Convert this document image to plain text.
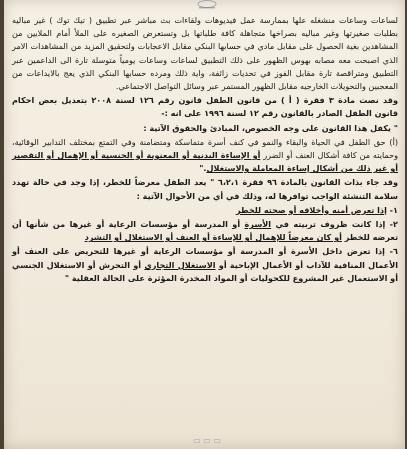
لساعات وساعات منشغله علها بممارسة عمل فيديوهات ولقاءات بث مباشر عبر تطبيق ( تيك توك ) غير مباليه بطلبات صغيرتها وغير مباليه بصراخها متجاهلة كافة طلباتها بل وتستعرض الصغيره على الملأ أمام الملايين من المشاهدين بغية الحصول على مقابل مادي في حسابها البنكي مقابل الاعجابات ولتحقيق المزيد من المشاهدات الامر الذي اصبحت معه مصابه بهوس الظهور على ذلك التطبيق لساعات وساعات يومياً متوسلة تارة الى الداعمين عبر التطبيق ومتراقصة تارة مقابل الفوز في تحديات زائفة، واية ذلك ومرده حسابها البنكي الذي يعج بالايداعات من المعجبين والتحويلات الخارجيه مقابل الظهور المستمر عبر وسائل التواصل الاجتماعي.

وقد نصت مادة ٣ فقرة ( أ ) من قانون الطفل قانون رقم ١٢٦ لسنة ٢٠٠٨ بتعديل بعض احكام قانون الطفل الصادر بالقانون رقم ١٢ لسنة ١٩٩٦ على انه :-

" يكفل هذا القانون على وجه الخصوص، المبادئ والحقوق الآتية :

(أ) حق الطفل في الحياة والبقاء والنمو في كنف أسرة متماسكة ومتضامنة وفي التمتع بمختلف التدابير الوقائية، وحمايته من كافة أشكال العنف أو الضرر أو الإساءة البدنية أو المعنوية أو الجنسية أو الإهمال أو التقصير أو غير ذلك من أشكال إساءة المعاملة والاستغلال."

وقد جاء بذات القانون بالمادة ٩٦ فقرة ٦،٢،١ " يعد الطفل معرضاً للخطر، إذا وجد في حالة تهدد سلامة التنشئة الواجب توافرها له، وذلك في أي من الأحوال الآتية :

١- إذا تعرض أمنه وأخلاقه أو صحته للخطر

٢- إذا كانت ظروف تربيته في الأسرة أو المدرسة أو مؤسسات الرعاية أو غيرها من شأنها أن تعرضه للخطر أو كان معرضاً للإهمال أو للإساءة أو العنف أو الاستغلال أو التشرد

٦- إذا تعرض داخل الأسرة أو المدرسة أو مؤسسات الرعاية أو غيرها للتحريض على العنف أو الأعمال المنافية للآداب أو الأعمال الإباحية أو الاستغلال التجاري أو التحرش أو الاستغلال الجنسي أو الاستعمال غير المشروع للكحوليات أو المواد المخدرة المؤثرة على الحالة العقلية "

▭ ▭ ▭
